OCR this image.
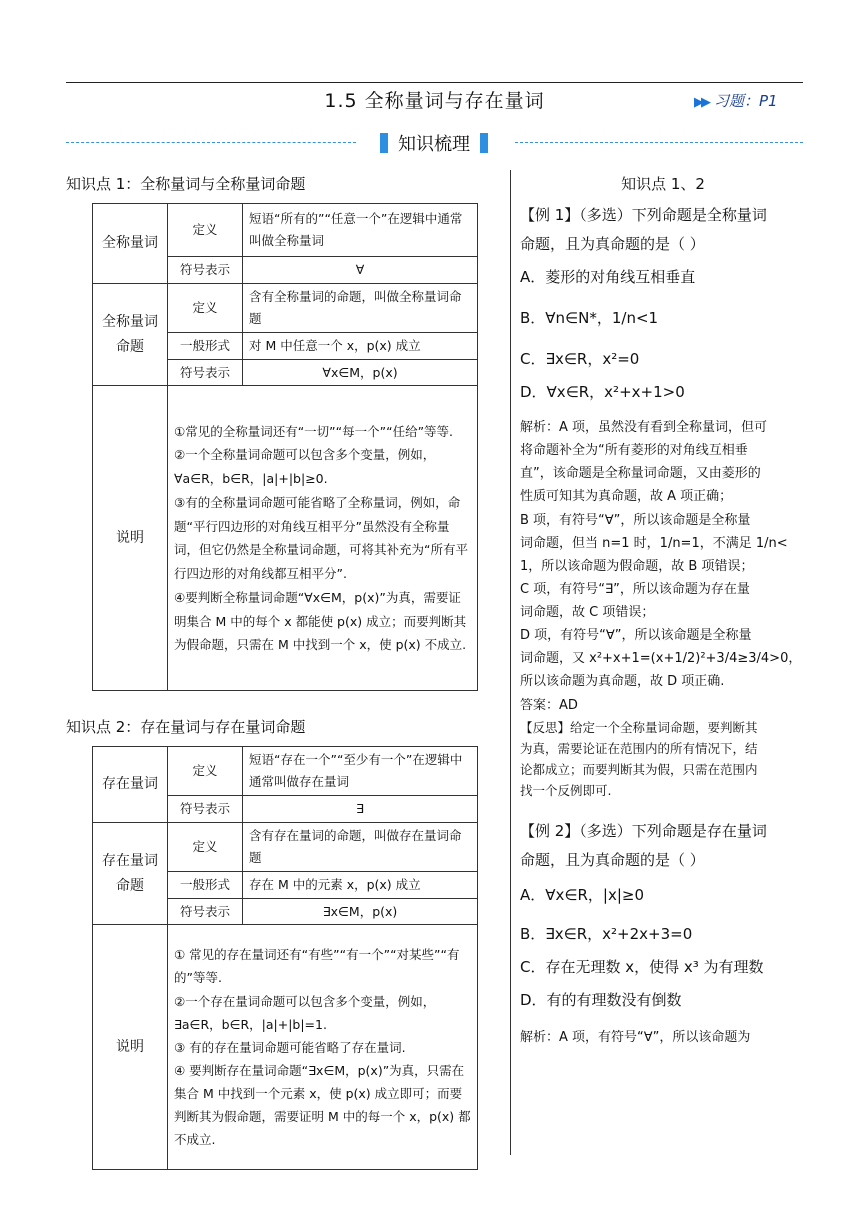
1.5 全称量词与存在量词	▶▶ 习题：P1
知识梳理
知识点 1：全称量词与全称量词命题
全称量词	定义	短语“所有的”“任意一个”在逻辑中通常叫做全称量词
	符号表示	∀
全称量词命题	定义	含有全称量词的命题，叫做全称量词命题
	一般形式	对 M 中任意一个 x，p(x) 成立
	符号表示	∀x∈M，p(x)
说明	①常见的全称量词还有“一切”“每一个”“任给”等等.
②一个全称量词命题可以包含多个变量，例如，∀a∈R，b∈R，|a|+|b|≥0.
③有的全称量词命题可能省略了全称量词，例如，命题“平行四边形的对角线互相平分”虽然没有全称量词，但它仍然是全称量词命题，可将其补充为“所有平行四边形的对角线都互相平分”.
④要判断全称量词命题“∀x∈M，p(x)”为真，需要证明集合 M 中的每个 x 都能使 p(x) 成立；而要判断其为假命题，只需在 M 中找到一个 x，使 p(x) 不成立.	
知识点 2：存在量词与存在量词命题
存在量词	定义	短语“存在一个”“至少有一个”在逻辑中通常叫做存在量词
	符号表示	∃
存在量词命题	定义	含有存在量词的命题，叫做存在量词命题
	一般形式	存在 M 中的元素 x，p(x) 成立
	符号表示	∃x∈M，p(x)
说明	① 常见的存在量词还有“有些”“有一个”“对某些”“有的”等等.
②一个存在量词命题可以包含多个变量，例如，∃a∈R，b∈R，|a|+|b|=1.
③ 有的存在量词命题可能省略了存在量词.
④ 要判断存在量词命题“∃x∈M，p(x)”为真，只需在集合 M 中找到一个元素 x，使 p(x) 成立即可；而要判断其为假命题，需要证明 M 中的每一个 x，p(x) 都不成立.	

知识点 1、2

【例 1】（多选）下列命题是全称量词

命题，且为真命题的是（ ）

A．菱形的对角线互相垂直

B．∀n∈N*，1/n<1

C．∃x∈R，x²=0

D．∀x∈R，x²+x+1>0

解析：A 项，虽然没有看到全称量词，但可

将命题补全为“所有菱形的对角线互相垂

直”，该命题是全称量词命题，又由菱形的

性质可知其为真命题，故 A 项正确；

B 项，有符号“∀”，所以该命题是全称量

词命题，但当 n=1 时，1/n=1，不满足 1/n<

1，所以该命题为假命题，故 B 项错误；

C 项，有符号“∃”，所以该命题为存在量

词命题，故 C 项错误；

D 项，有符号“∀”，所以该命题是全称量

词命题，又 x²+x+1=(x+1/2)²+3/4≥3/4>0，

所以该命题为真命题，故 D 项正确.

答案：AD

【反思】给定一个全称量词命题，要判断其

为真，需要论证在范围内的所有情况下，结

论都成立；而要判断其为假，只需在范围内

找一个反例即可.

【例 2】（多选）下列命题是存在量词

命题，且为真命题的是（ ）

A．∀x∈R，|x|≥0

B．∃x∈R，x²+2x+3=0

C．存在无理数 x，使得 x³ 为有理数

D．有的有理数没有倒数

解析：A 项，有符号“∀”，所以该命题为
